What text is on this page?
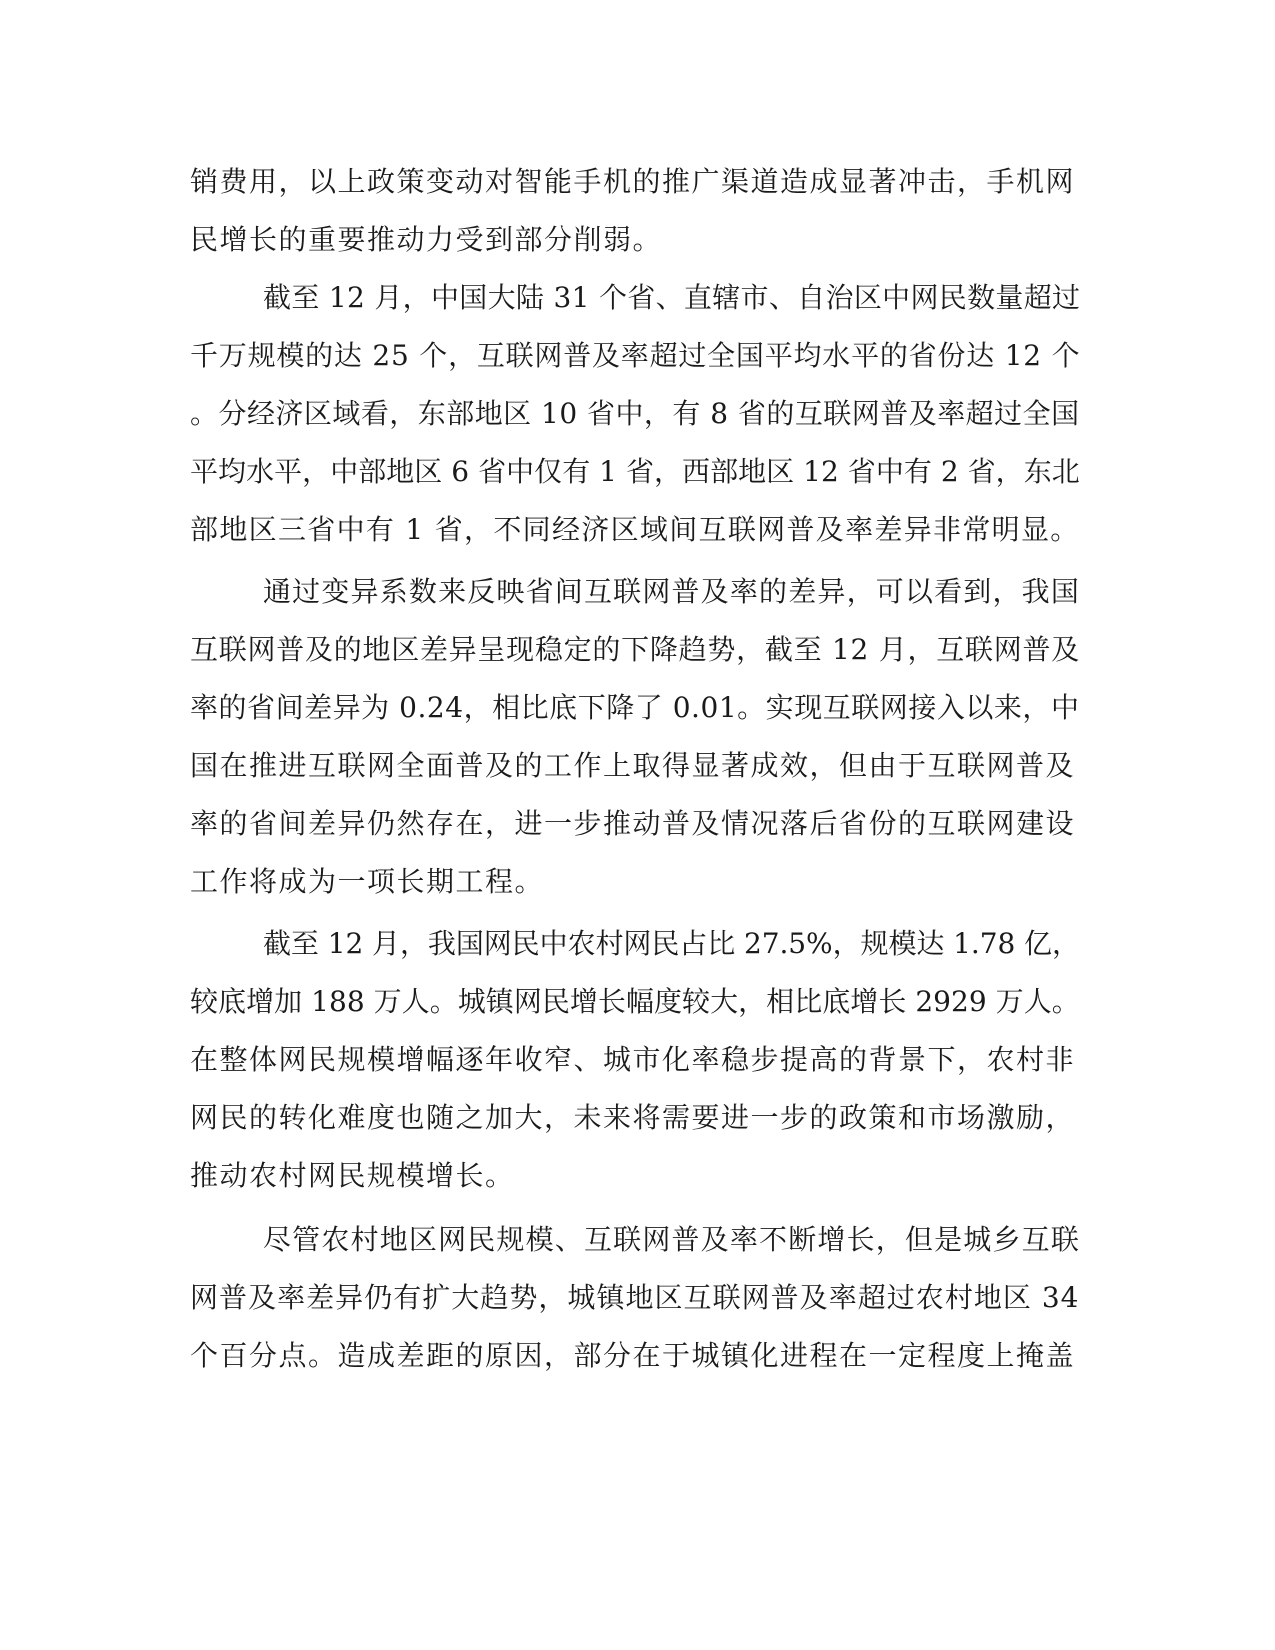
销费用，以上政策变动对智能手机的推广渠道造成显著冲击，手机网
民增长的重要推动力受到部分削弱。
截至 12 月，中国大陆 31 个省、直辖市、自治区中网民数量超过
千万规模的达 25 个，互联网普及率超过全国平均水平的省份达 12 个
。分经济区域看，东部地区 10 省中，有 8 省的互联网普及率超过全国
平均水平，中部地区 6 省中仅有 1 省，西部地区 12 省中有 2 省，东北
部地区三省中有 1 省，不同经济区域间互联网普及率差异非常明显。
通过变异系数来反映省间互联网普及率的差异，可以看到，我国
互联网普及的地区差异呈现稳定的下降趋势，截至 12 月，互联网普及
率的省间差异为 0.24，相比底下降了 0.01。实现互联网接入以来，中
国在推进互联网全面普及的工作上取得显著成效，但由于互联网普及
率的省间差异仍然存在，进一步推动普及情况落后省份的互联网建设
工作将成为一项长期工程。
截至 12 月，我国网民中农村网民占比 27.5%，规模达 1.78 亿，
较底增加 188 万人。城镇网民增长幅度较大，相比底增长 2929 万人。
在整体网民规模增幅逐年收窄、城市化率稳步提高的背景下，农村非
网民的转化难度也随之加大，未来将需要进一步的政策和市场激励，
推动农村网民规模增长。
尽管农村地区网民规模、互联网普及率不断增长，但是城乡互联
网普及率差异仍有扩大趋势，城镇地区互联网普及率超过农村地区 34
个百分点。造成差距的原因，部分在于城镇化进程在一定程度上掩盖
